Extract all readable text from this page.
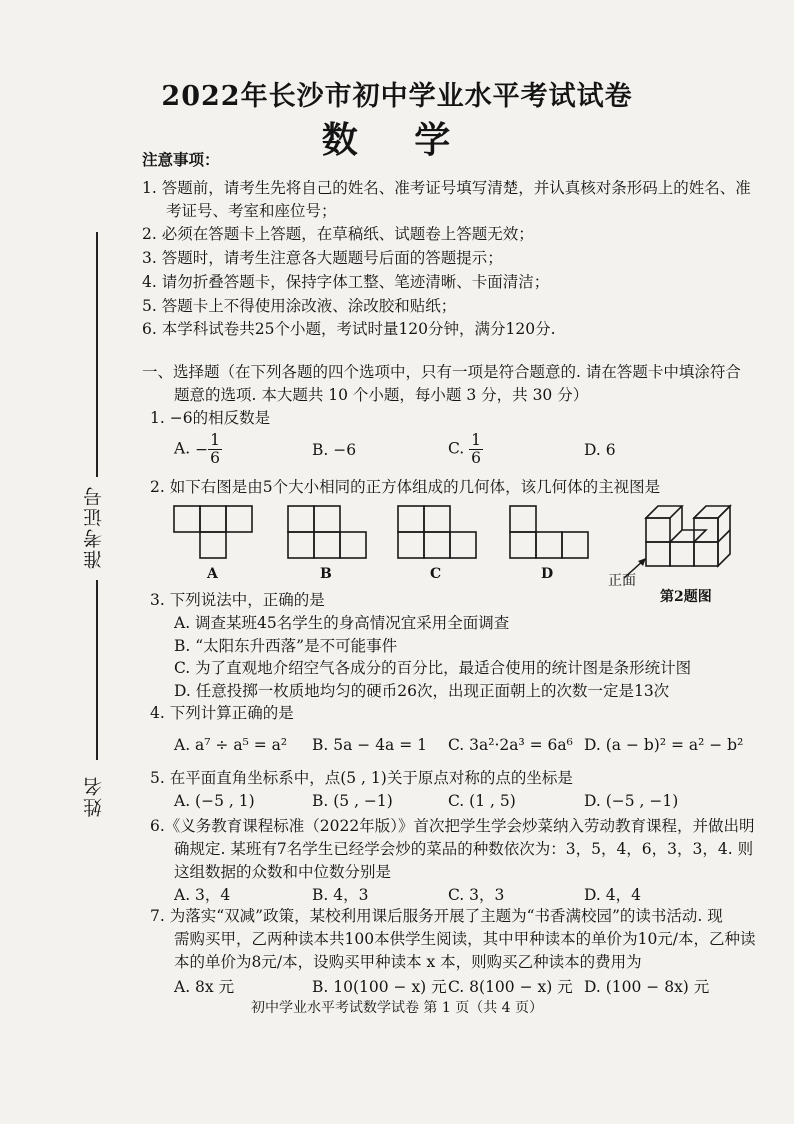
2022年长沙市初中学业水平考试试卷
数 学
准考证号
姓名
注意事项：
1. 答题前，请考生先将自己的姓名、准考证号填写清楚，并认真核对条形码上的姓名、准
考证号、考室和座位号；
2. 必须在答题卡上答题，在草稿纸、试题卷上答题无效；
3. 答题时，请考生注意各大题题号后面的答题提示；
4. 请勿折叠答题卡，保持字体工整、笔迹清晰、卡面清洁；
5. 答题卡上不得使用涂改液、涂改胶和贴纸；
6. 本学科试卷共25个小题，考试时量120分钟，满分120分.
一、选择题（在下列各题的四个选项中，只有一项是符合题意的. 请在答题卡中填涂符合
题意的选项. 本大题共 10 个小题，每小题 3 分，共 30 分）
1. −6的相反数是
A. − $\frac{1}{6}$	B. −6	C. $\frac{1}{6}$	D. 6
2. 如下右图是由5个大小相同的正方体组成的几何体，该几何体的主视图是
A	B	C	D	正面
第2题图
3. 下列说法中，正确的是
A. 调查某班45名学生的身高情况宜采用全面调查
B. “太阳东升西落”是不可能事件
C. 为了直观地介绍空气各成分的百分比，最适合使用的统计图是条形统计图
D. 任意投掷一枚质地均匀的硬币26次，出现正面朝上的次数一定是13次
4. 下列计算正确的是
A. a⁷ ÷ a⁵ = a² B. 5a − 4a = 1 C. 3a²·2a³ = 6a⁶ D. (a − b)² = a² − b²
5. 在平面直角坐标系中，点(5 , 1)关于原点对称的点的坐标是
A. (−5 , 1)	B. (5 , −1)	C. (1 , 5)	D. (−5 , −1)
6.《义务教育课程标准（2022年版）》首次把学生学会炒菜纳入劳动教育课程，并做出明
确规定. 某班有7名学生已经学会炒的菜品的种数依次为：3，5，4，6，3，3，4. 则
这组数据的众数和中位数分别是
A. 3，4	B. 4，3	C. 3，3	D. 4，4
7. 为落实“双减”政策，某校利用课后服务开展了主题为“书香满校园”的读书活动. 现
需购买甲，乙两种读本共100本供学生阅读，其中甲种读本的单价为10元/本，乙种读
本的单价为8元/本，设购买甲种读本 x 本，则购买乙种读本的费用为
A. 8x 元	B. 10(100 − x) 元 C. 8(100 − x) 元 D. (100 − 8x) 元
初中学业水平考试数学试卷 第 1 页（共 4 页）
